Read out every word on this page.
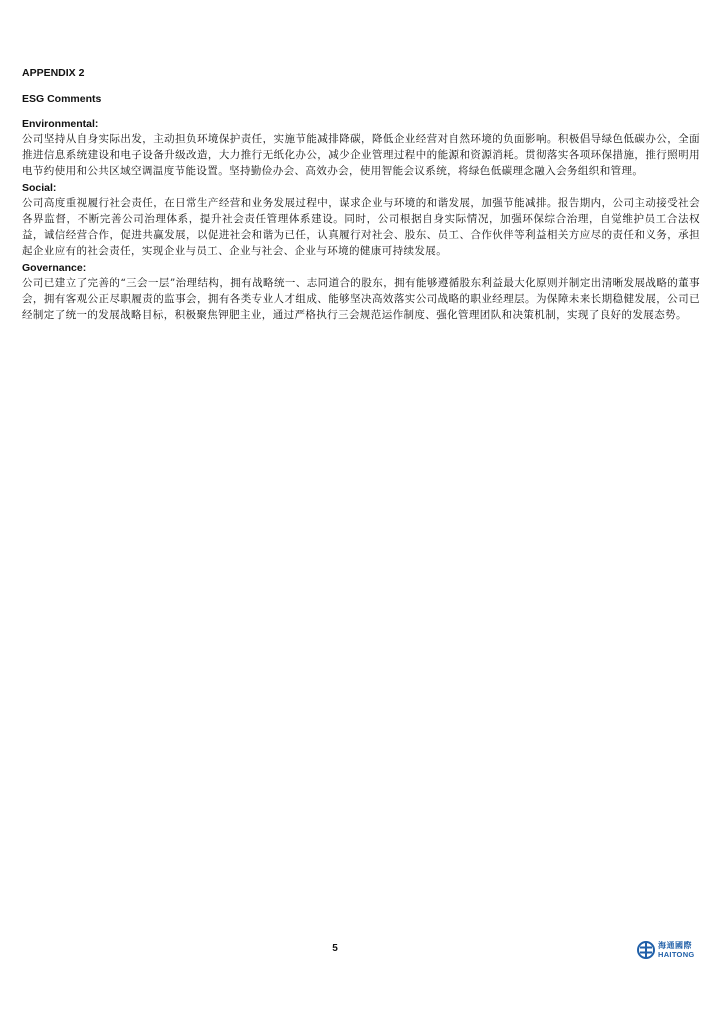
APPENDIX 2

ESG Comments

Environmental:

公司坚持从自身实际出发，主动担负环境保护责任，实施节能减排降碳，降低企业经营对自然环境的负面影响。积极倡导绿色低碳办公，全面推进信息系统建设和电子设备升级改造，大力推行无纸化办公，减少企业管理过程中的能源和资源消耗。贯彻落实各项环保措施，推行照明用电节约使用和公共区域空调温度节能设置。坚持勤俭办会、高效办会，使用智能会议系统，将绿色低碳理念融入会务组织和管理。

Social:

公司高度重视履行社会责任，在日常生产经营和业务发展过程中，谋求企业与环境的和谐发展，加强节能减排。报告期内，公司主动接受社会各界监督，不断完善公司治理体系，提升社会责任管理体系建设。同时，公司根据自身实际情况，加强环保综合治理，自觉维护员工合法权益，诚信经营合作，促进共赢发展，以促进社会和谐为已任，认真履行对社会、股东、员工、合作伙伴等利益相关方应尽的责任和义务，承担起企业应有的社会责任，实现企业与员工、企业与社会、企业与环境的健康可持续发展。

Governance:

公司已建立了完善的“三会一层”治理结构，拥有战略统一、志同道合的股东，拥有能够遵循股东利益最大化原则并制定出清晰发展战略的董事会，拥有客观公正尽职履责的监事会，拥有各类专业人才组成、能够坚决高效落实公司战略的职业经理层。为保障未来长期稳健发展，公司已经制定了统一的发展战略目标，积极聚焦钾肥主业，通过严格执行三会规范运作制度、强化管理团队和决策机制，实现了良好的发展态势。

5	海通國際
HAITONG
